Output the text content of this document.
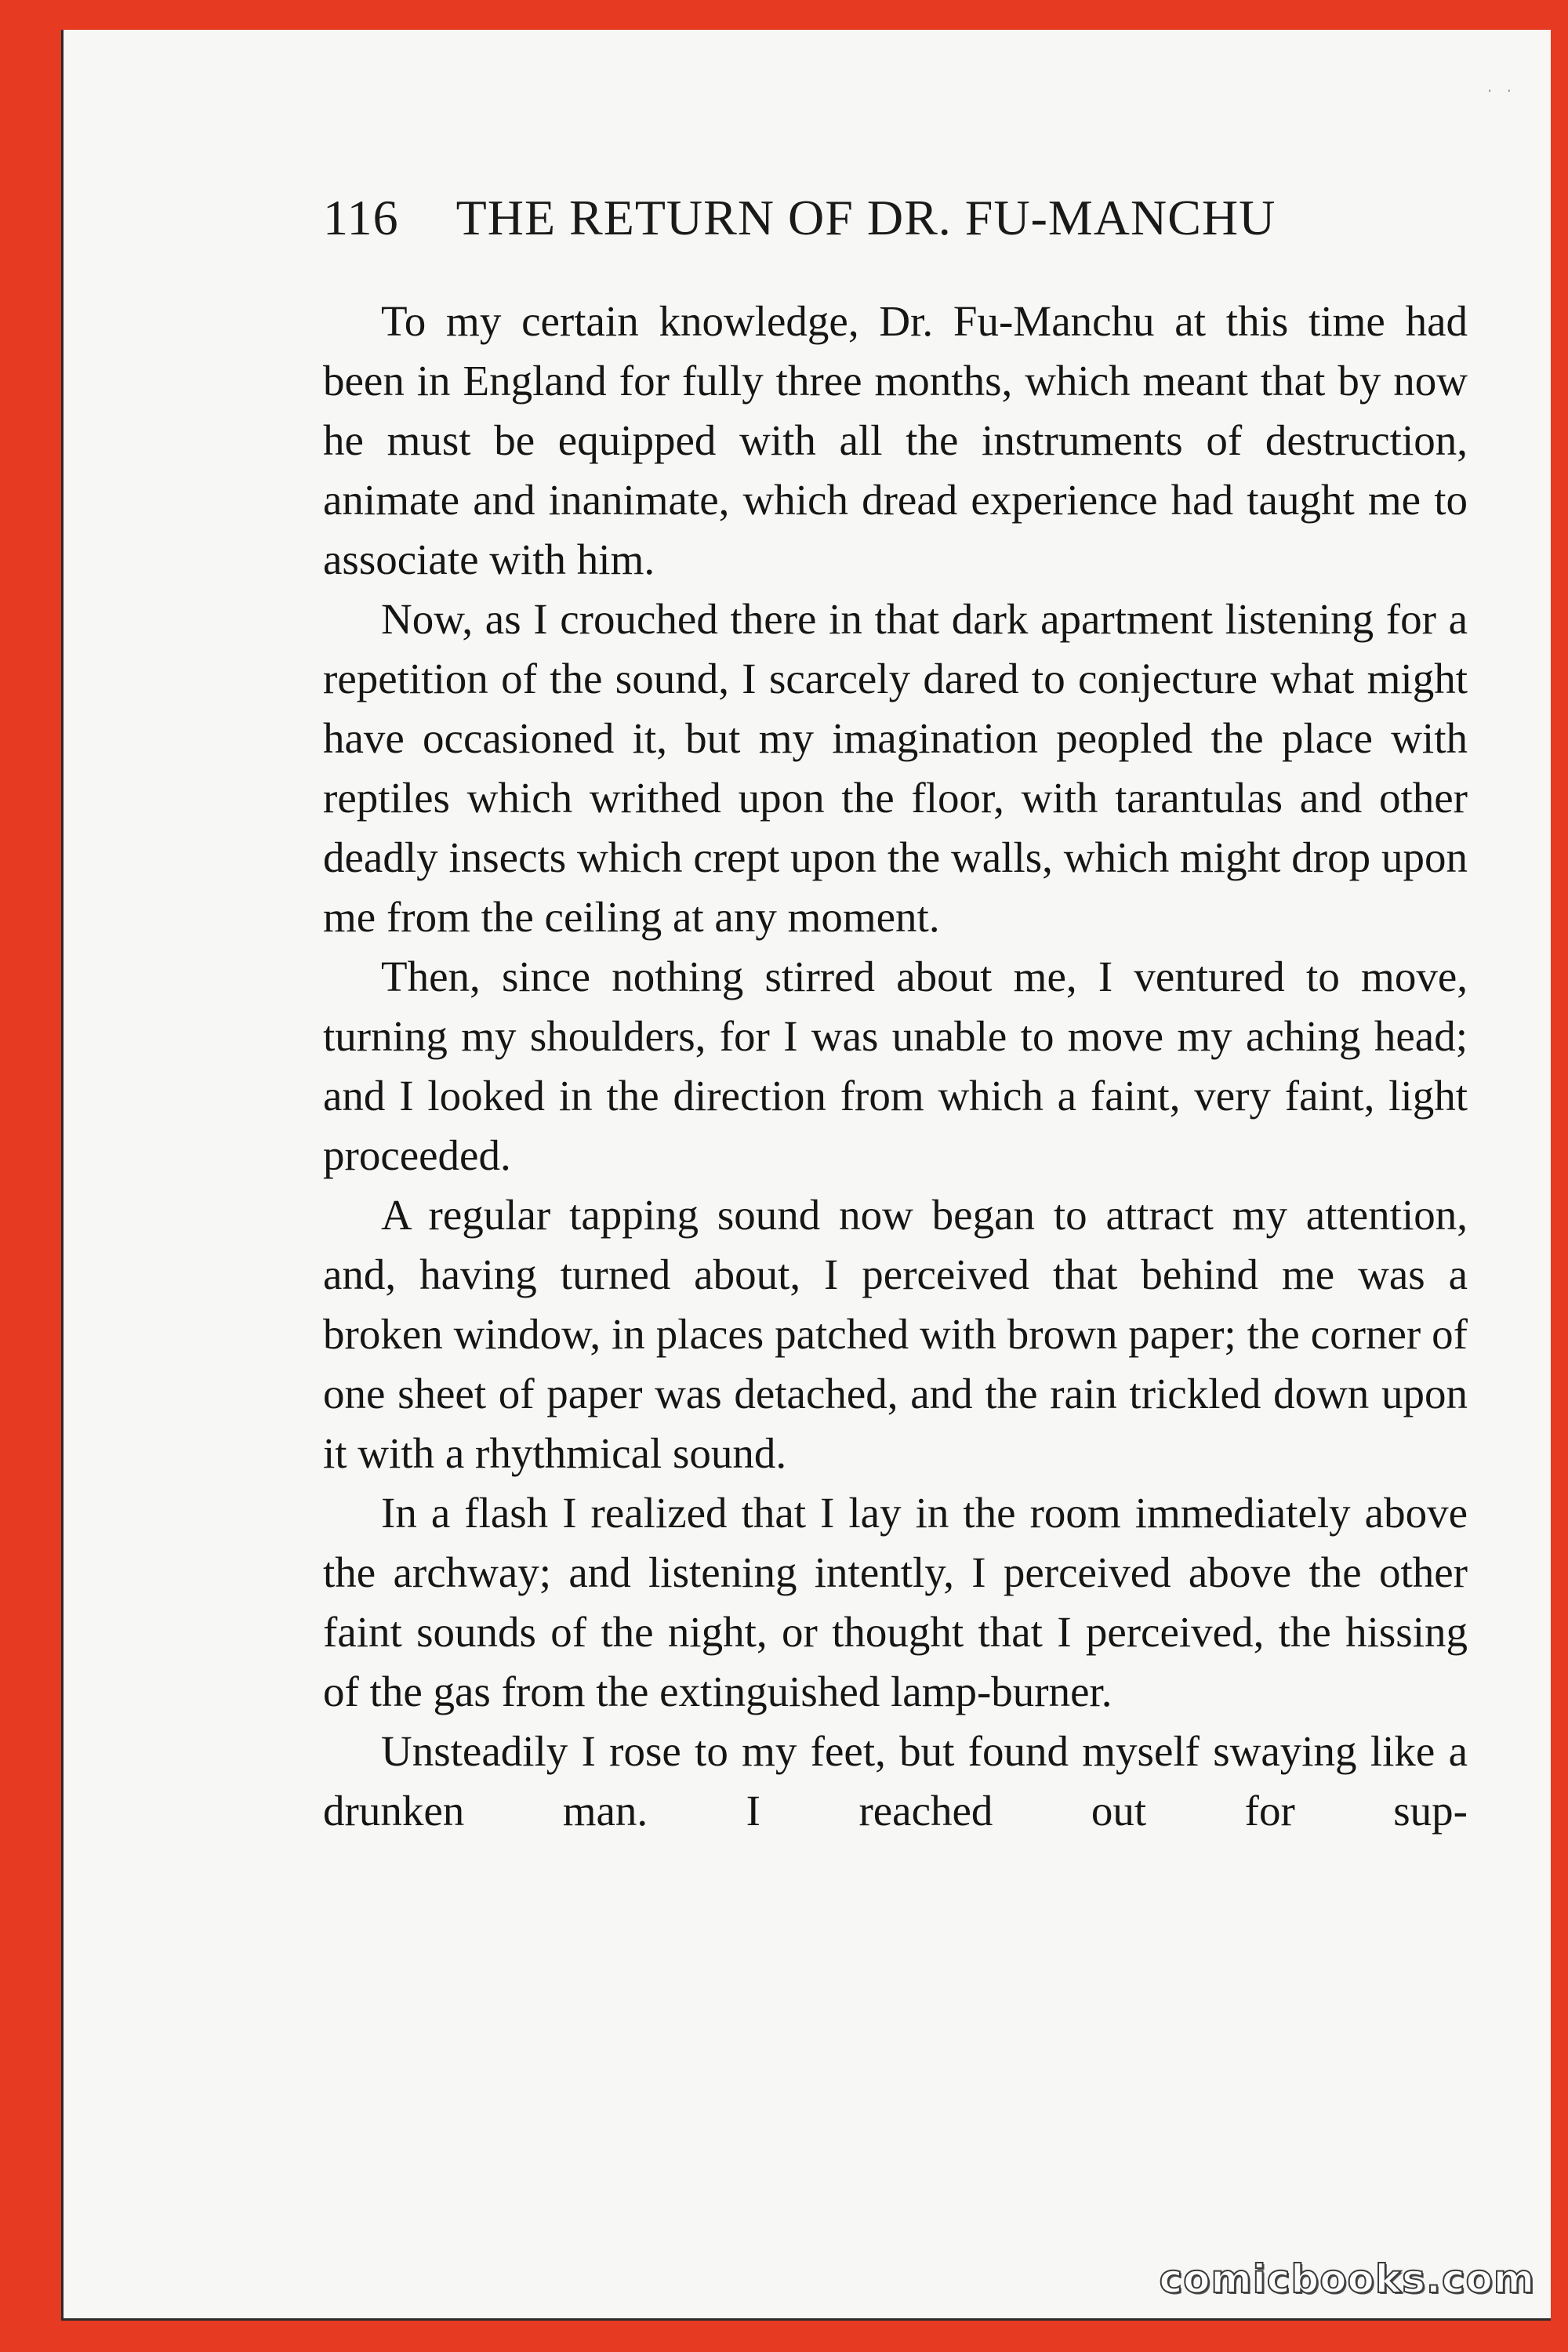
· ·
116 THE RETURN OF DR. FU-MANCHU

To my certain knowledge, Dr. Fu-Manchu at this time had been in England for fully three months, which meant that by now he must be equipped with all the instruments of destruction, animate and inanimate, which dread experience had taught me to associate with him.

Now, as I crouched there in that dark apartment listening for a repetition of the sound, I scarcely dared to conjecture what might have occasioned it, but my imagination peopled the place with reptiles which writhed upon the floor, with tarantulas and other deadly insects which crept upon the walls, which might drop upon me from the ceiling at any moment.

Then, since nothing stirred about me, I ventured to move, turning my shoulders, for I was unable to move my aching head; and I looked in the direction from which a faint, very faint, light proceeded.

A regular tapping sound now began to attract my attention, and, having turned about, I perceived that behind me was a broken window, in places patched with brown paper; the corner of one sheet of paper was detached, and the rain trickled down upon it with a rhythmical sound.

In a flash I realized that I lay in the room immediately above the archway; and listening intently, I perceived above the other faint sounds of the night, or thought that I perceived, the hissing of the gas from the extinguished lamp-burner.

Unsteadily I rose to my feet, but found myself swaying like a drunken man. I reached out for sup-

comicbooks.com
